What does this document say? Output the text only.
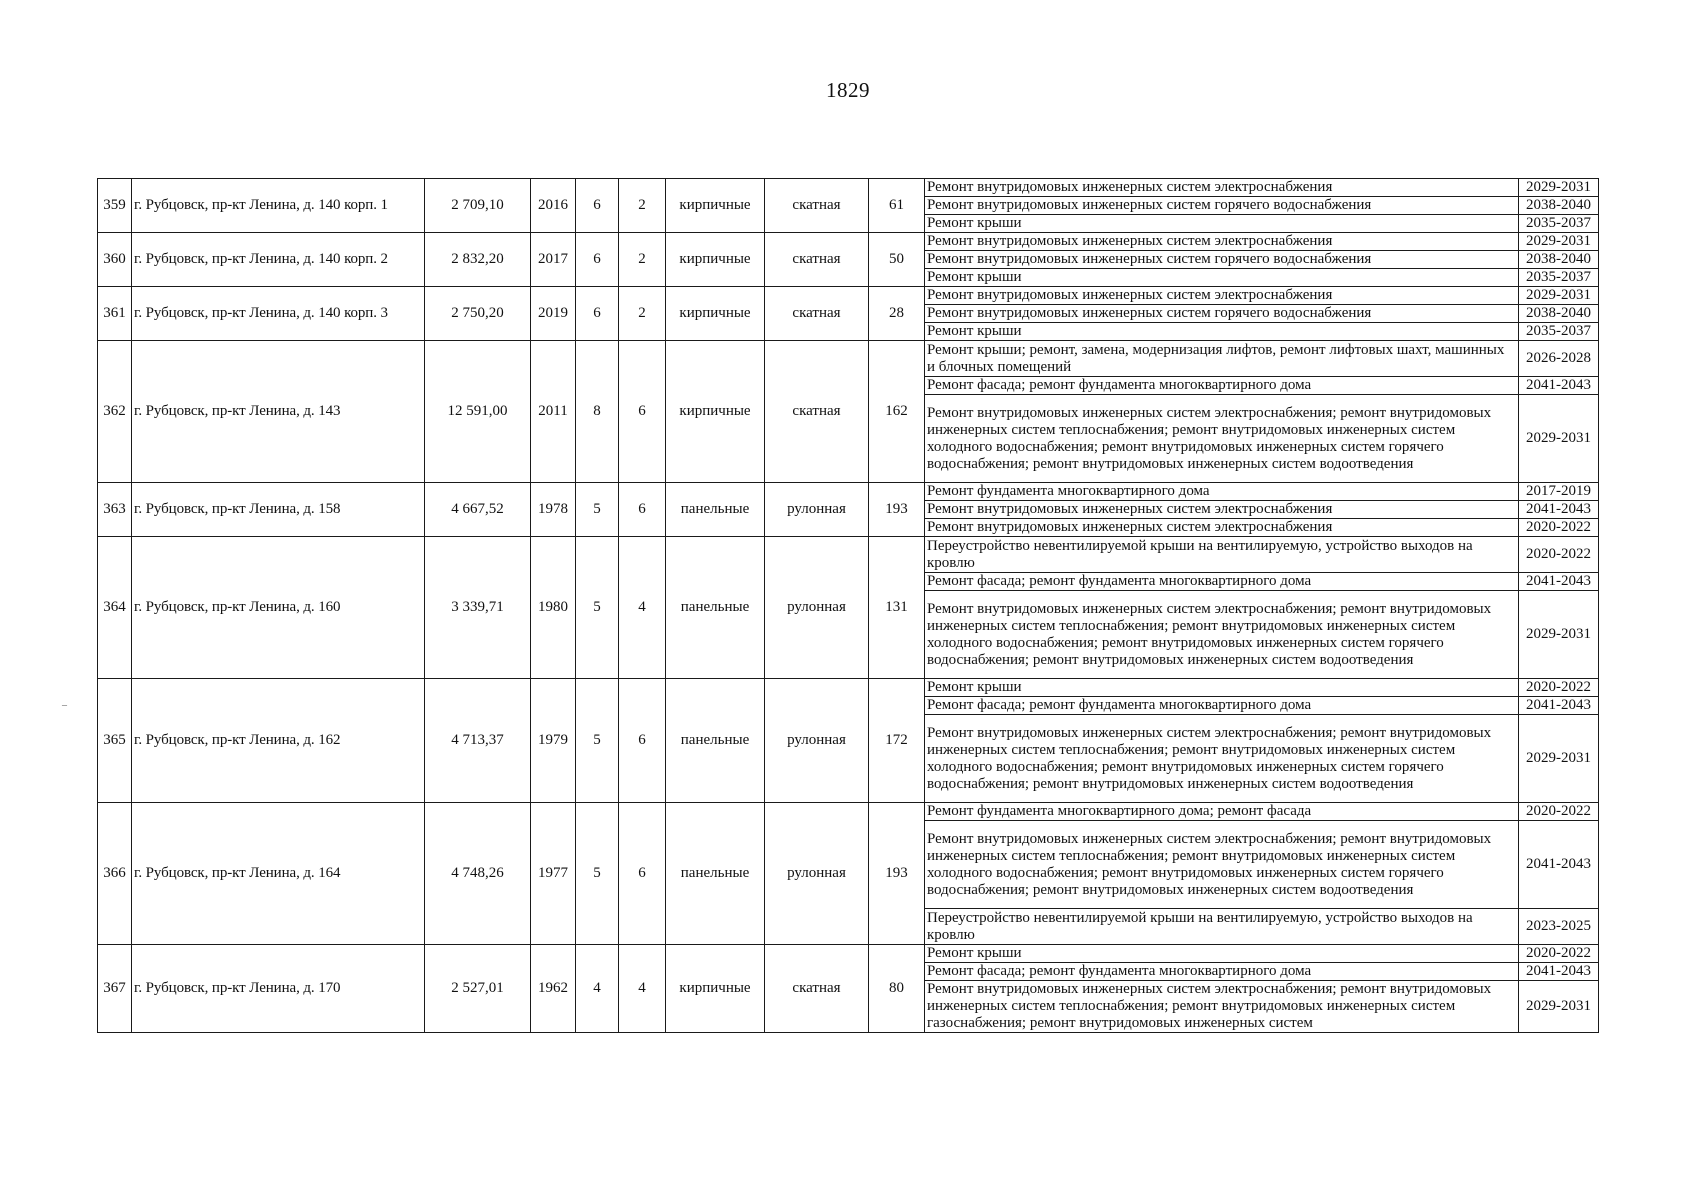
1829
359	г. Рубцовск, пр-кт Ленина, д. 140 корп. 1	2 709,10	2016	6	2	кирпичные	скатная	61	Ремонт внутридомовых инженерных систем электроснабжения	2029-2031
									Ремонт внутридомовых инженерных систем горячего водоснабжения	2038-2040
									Ремонт крыши	2035-2037
360	г. Рубцовск, пр-кт Ленина, д. 140 корп. 2	2 832,20	2017	6	2	кирпичные	скатная	50	Ремонт внутридомовых инженерных систем электроснабжения	2029-2031
									Ремонт внутридомовых инженерных систем горячего водоснабжения	2038-2040
									Ремонт крыши	2035-2037
361	г. Рубцовск, пр-кт Ленина, д. 140 корп. 3	2 750,20	2019	6	2	кирпичные	скатная	28	Ремонт внутридомовых инженерных систем электроснабжения	2029-2031
									Ремонт внутридомовых инженерных систем горячего водоснабжения	2038-2040
									Ремонт крыши	2035-2037
362	г. Рубцовск, пр-кт Ленина, д. 143	12 591,00	2011	8	6	кирпичные	скатная	162	Ремонт крыши; ремонт, замена, модернизация лифтов, ремонт лифтовых шахт, машинных и блочных помещений	2026-2028
									Ремонт фасада; ремонт фундамента многоквартирного дома	2041-2043
									Ремонт внутридомовых инженерных систем электроснабжения; ремонт внутридомовых инженерных систем теплоснабжения; ремонт внутридомовых инженерных систем холодного водоснабжения; ремонт внутридомовых инженерных систем горячего водоснабжения; ремонт внутридомовых инженерных систем водоотведения	2029-2031
363	г. Рубцовск, пр-кт Ленина, д. 158	4 667,52	1978	5	6	панельные	рулонная	193	Ремонт фундамента многоквартирного дома	2017-2019
									Ремонт внутридомовых инженерных систем электроснабжения	2041-2043
									Ремонт внутридомовых инженерных систем электроснабжения	2020-2022
364	г. Рубцовск, пр-кт Ленина, д. 160	3 339,71	1980	5	4	панельные	рулонная	131	Переустройство невентилируемой крыши на вентилируемую, устройство выходов на кровлю	2020-2022
									Ремонт фасада; ремонт фундамента многоквартирного дома	2041-2043
									Ремонт внутридомовых инженерных систем электроснабжения; ремонт внутридомовых инженерных систем теплоснабжения; ремонт внутридомовых инженерных систем холодного водоснабжения; ремонт внутридомовых инженерных систем горячего водоснабжения; ремонт внутридомовых инженерных систем водоотведения	2029-2031
365	г. Рубцовск, пр-кт Ленина, д. 162	4 713,37	1979	5	6	панельные	рулонная	172	Ремонт крыши	2020-2022
									Ремонт фасада; ремонт фундамента многоквартирного дома	2041-2043
									Ремонт внутридомовых инженерных систем электроснабжения; ремонт внутридомовых инженерных систем теплоснабжения; ремонт внутридомовых инженерных систем холодного водоснабжения; ремонт внутридомовых инженерных систем горячего водоснабжения; ремонт внутридомовых инженерных систем водоотведения	2029-2031
366	г. Рубцовск, пр-кт Ленина, д. 164	4 748,26	1977	5	6	панельные	рулонная	193	Ремонт фундамента многоквартирного дома; ремонт фасада	2020-2022
									Ремонт внутридомовых инженерных систем электроснабжения; ремонт внутридомовых инженерных систем теплоснабжения; ремонт внутридомовых инженерных систем холодного водоснабжения; ремонт внутридомовых инженерных систем горячего водоснабжения; ремонт внутридомовых инженерных систем водоотведения	2041-2043
									Переустройство невентилируемой крыши на вентилируемую, устройство выходов на кровлю	2023-2025
367	г. Рубцовск, пр-кт Ленина, д. 170	2 527,01	1962	4	4	кирпичные	скатная	80	Ремонт крыши	2020-2022
									Ремонт фасада; ремонт фундамента многоквартирного дома	2041-2043
									Ремонт внутридомовых инженерных систем электроснабжения; ремонт внутридомовых инженерных систем теплоснабжения; ремонт внутридомовых инженерных систем газоснабжения; ремонт внутридомовых инженерных систем	2029-2031
–
